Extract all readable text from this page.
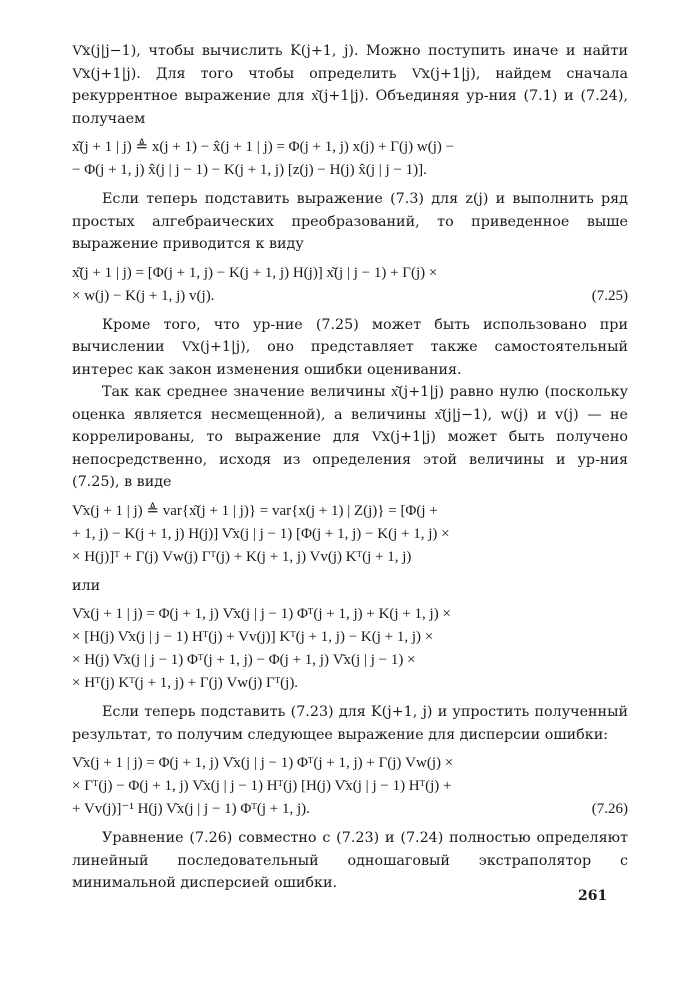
V͂x(j|j−1), чтобы вычислить K(j+1, j). Можно поступить иначе и найти V͂x(j+1|j). Для того чтобы определить V͂x(j+1|j), найдем сначала рекуррентное выражение для x͂(j+1|j). Объединяя ур-ния (7.1) и (7.24), получаем

x͂(j + 1 | j) ≜ x(j + 1) − x̂(j + 1 | j) = Φ(j + 1, j) x(j) + Γ(j) w(j) −
− Φ(j + 1, j) x̂(j | j − 1) − K(j + 1, j) [z(j) − H(j) x̂(j | j − 1)].

Если теперь подставить выражение (7.3) для z(j) и выполнить ряд простых алгебраических преобразований, то приведенное выше выражение приводится к виду

x͂(j + 1 | j) = [Φ(j + 1, j) − K(j + 1, j) H(j)] x͂(j | j − 1) + Γ(j) ×
× w(j) − K(j + 1, j) v(j).	(7.25)

Кроме того, что ур-ние (7.25) может быть использовано при вычислении V͂x(j+1|j), оно представляет также самостоятельный интерес как закон изменения ошибки оценивания.

Так как среднее значение величины x͂(j+1|j) равно нулю (поскольку оценка является несмещенной), а величины x͂(j|j−1), w(j) и v(j) — не коррелированы, то выражение для V͂x(j+1|j) может быть получено непосредственно, исходя из определения этой величины и ур-ния (7.25), в виде

V͂x(j + 1 | j) ≜ var{x͂(j + 1 | j)} = var{x(j + 1) | Z(j)} = [Φ(j +
+ 1, j) − K(j + 1, j) H(j)] V͂x(j | j − 1) [Φ(j + 1, j) − K(j + 1, j) ×
× H(j)]ᵀ + Γ(j) Vw(j) Γᵀ(j) + K(j + 1, j) Vv(j) Kᵀ(j + 1, j)

или

V͂x(j + 1 | j) = Φ(j + 1, j) V͂x(j | j − 1) Φᵀ(j + 1, j) + K(j + 1, j) ×
× [H(j) V͂x(j | j − 1) Hᵀ(j) + Vv(j)] Kᵀ(j + 1, j) − K(j + 1, j) ×
× H(j) V͂x(j | j − 1) Φᵀ(j + 1, j) − Φ(j + 1, j) V͂x(j | j − 1) ×
× Hᵀ(j) Kᵀ(j + 1, j) + Γ(j) Vw(j) Γᵀ(j).

Если теперь подставить (7.23) для K(j+1, j) и упростить полученный результат, то получим следующее выражение для дисперсии ошибки:

V͂x(j + 1 | j) = Φ(j + 1, j) V͂x(j | j − 1) Φᵀ(j + 1, j) + Γ(j) Vw(j) ×
× Γᵀ(j) − Φ(j + 1, j) V͂x(j | j − 1) Hᵀ(j) [H(j) V͂x(j | j − 1) Hᵀ(j) +
+ Vv(j)]⁻¹ H(j) V͂x(j | j − 1) Φᵀ(j + 1, j).	(7.26)

Уравнение (7.26) совместно с (7.23) и (7.24) полностью определяют линейный последовательный одношаговый экстраполятор с минимальной дисперсией ошибки.

261
